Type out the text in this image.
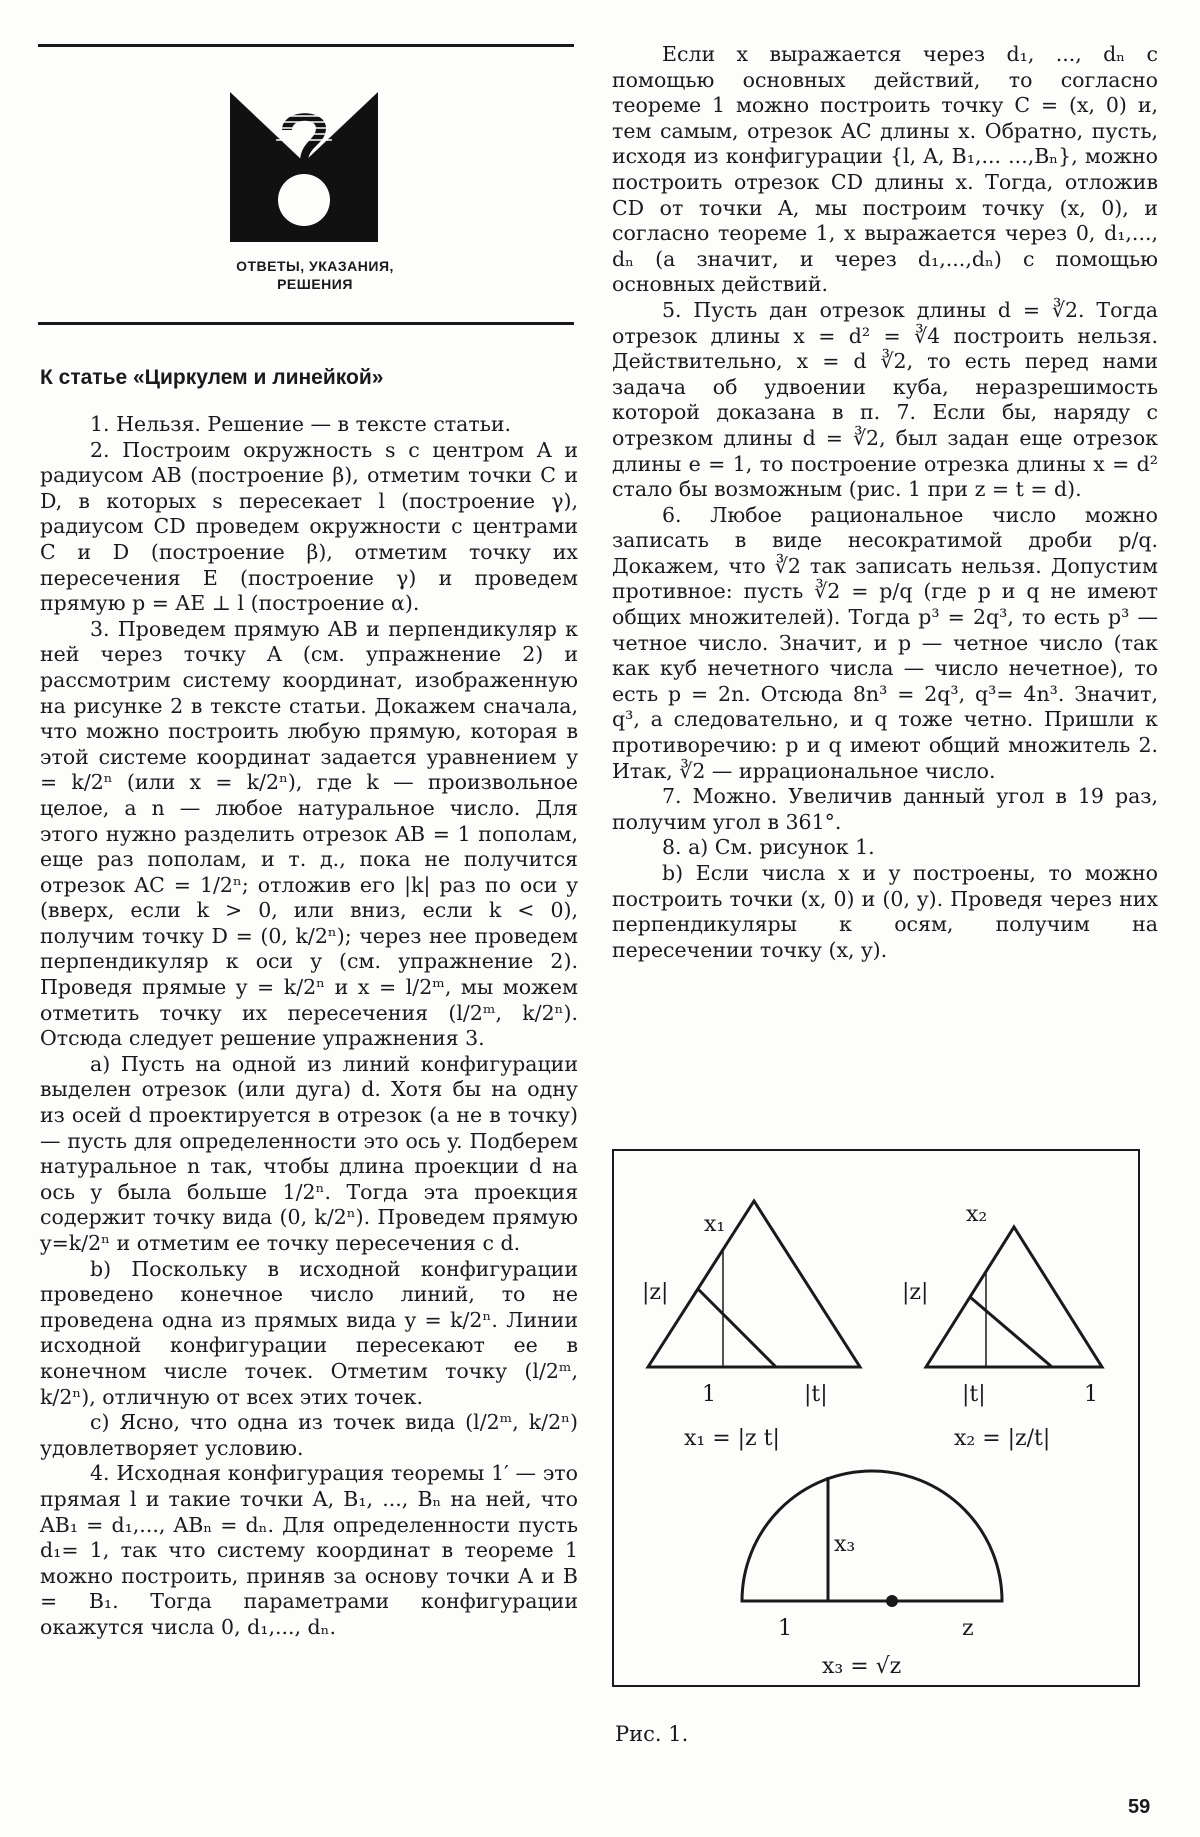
ОТВЕТЫ, УКАЗАНИЯ,
РЕШЕНИЯ
К статье «Циркулем и линейкой»

1. Нельзя. Решение — в тексте статьи.

2. Построим окружность s с центром A и радиусом AB (построение β), отметим точки C и D, в которых s пересекает l (построение γ), радиусом CD проведем окружности с центрами C и D (построение β), отметим точку их пересечения E (построение γ) и проведем прямую p = AE ⊥ l (построение α).

3. Проведем прямую AB и перпендикуляр к ней через точку A (см. упражнение 2) и рассмотрим систему координат, изображенную на рисунке 2 в тексте статьи. Докажем сначала, что можно построить любую прямую, которая в этой системе координат задается уравнением y = k/2ⁿ (или x = k/2ⁿ), где k — произвольное целое, а n — любое натуральное число. Для этого нужно разделить отрезок AB = 1 пополам, еще раз пополам, и т. д., пока не получится отрезок AC = 1/2ⁿ; отложив его |k| раз по оси y (вверх, если k > 0, или вниз, если k < 0), получим точку D = (0, k/2ⁿ); через нее проведем перпендикуляр к оси y (см. упражнение 2). Проведя прямые y = k/2ⁿ и x = l/2ᵐ, мы можем отметить точку их пересечения (l/2ᵐ, k/2ⁿ). Отсюда следует решение упражнения 3.

а) Пусть на одной из линий конфигурации выделен отрезок (или дуга) d. Хотя бы на одну из осей d проектируется в отрезок (а не в точку) — пусть для определенности это ось y. Подберем натуральное n так, чтобы длина проекции d на ось y была больше 1/2ⁿ. Тогда эта проекция содержит точку вида (0, k/2ⁿ). Проведем прямую y=k/2ⁿ и отметим ее точку пересечения с d.

b) Поскольку в исходной конфигурации проведено конечное число линий, то не проведена одна из прямых вида y = k/2ⁿ. Линии исходной конфигурации пересекают ее в конечном числе точек. Отметим точку (l/2ᵐ, k/2ⁿ), отличную от всех этих точек.

c) Ясно, что одна из точек вида (l/2ᵐ, k/2ⁿ) удовлетворяет условию.

4. Исходная конфигурация теоремы 1′ — это прямая l и такие точки A, B₁, ..., Bₙ на ней, что AB₁ = d₁,..., ABₙ = dₙ. Для определенности пусть d₁= 1, так что систему координат в теореме 1 можно построить, приняв за основу точки A и B = B₁. Тогда параметрами конфигурации окажутся числа 0, d₁,..., dₙ.

Если x выражается через d₁, ..., dₙ с помощью основных действий, то согласно теореме 1 можно построить точку C = (x, 0) и, тем самым, отрезок AC длины x. Обратно, пусть, исходя из конфигурации {l, A, B₁,... ...,Bₙ}, можно построить отрезок CD длины x. Тогда, отложив CD от точки A, мы построим точку (x, 0), и согласно теореме 1, x выражается через 0, d₁,..., dₙ (а значит, и через d₁,...,dₙ) с помощью основных действий.

5. Пусть дан отрезок длины d = ∛2. Тогда отрезок длины x = d² = ∛4 построить нельзя. Действительно, x = d ∛2, то есть перед нами задача об удвоении куба, неразрешимость которой доказана в п. 7. Если бы, наряду с отрезком длины d = ∛2, был задан еще отрезок длины e = 1, то построение отрезка длины x = d² стало бы возможным (рис. 1 при z = t = d).

6. Любое рациональное число можно записать в виде несократимой дроби p/q. Докажем, что ∛2 так записать нельзя. Допустим противное: пусть ∛2 = p/q (где p и q не имеют общих множителей). Тогда p³ = 2q³, то есть p³ — четное число. Значит, и p — четное число (так как куб нечетного числа — число нечетное), то есть p = 2n. Отсюда 8n³ = 2q³, q³= 4n³. Значит, q³, а следовательно, и q тоже четно. Пришли к противоречию: p и q имеют общий множитель 2. Итак, ∛2 — иррациональное число.

7. Можно. Увеличив данный угол в 19 раз, получим угол в 361°.

8. а) См. рисунок 1.

b) Если числа x и y построены, то можно построить точки (x, 0) и (0, y). Проведя через них перпендикуляры к осям, получим на пересечении точку (x, y).

x₁	x₂
|z|	|z|
1	|t|	|t|	1
x₁ = |z t|	x₂ = |z/t|
x₃
1	z
x₃ = √z
Рис. 1.
59
